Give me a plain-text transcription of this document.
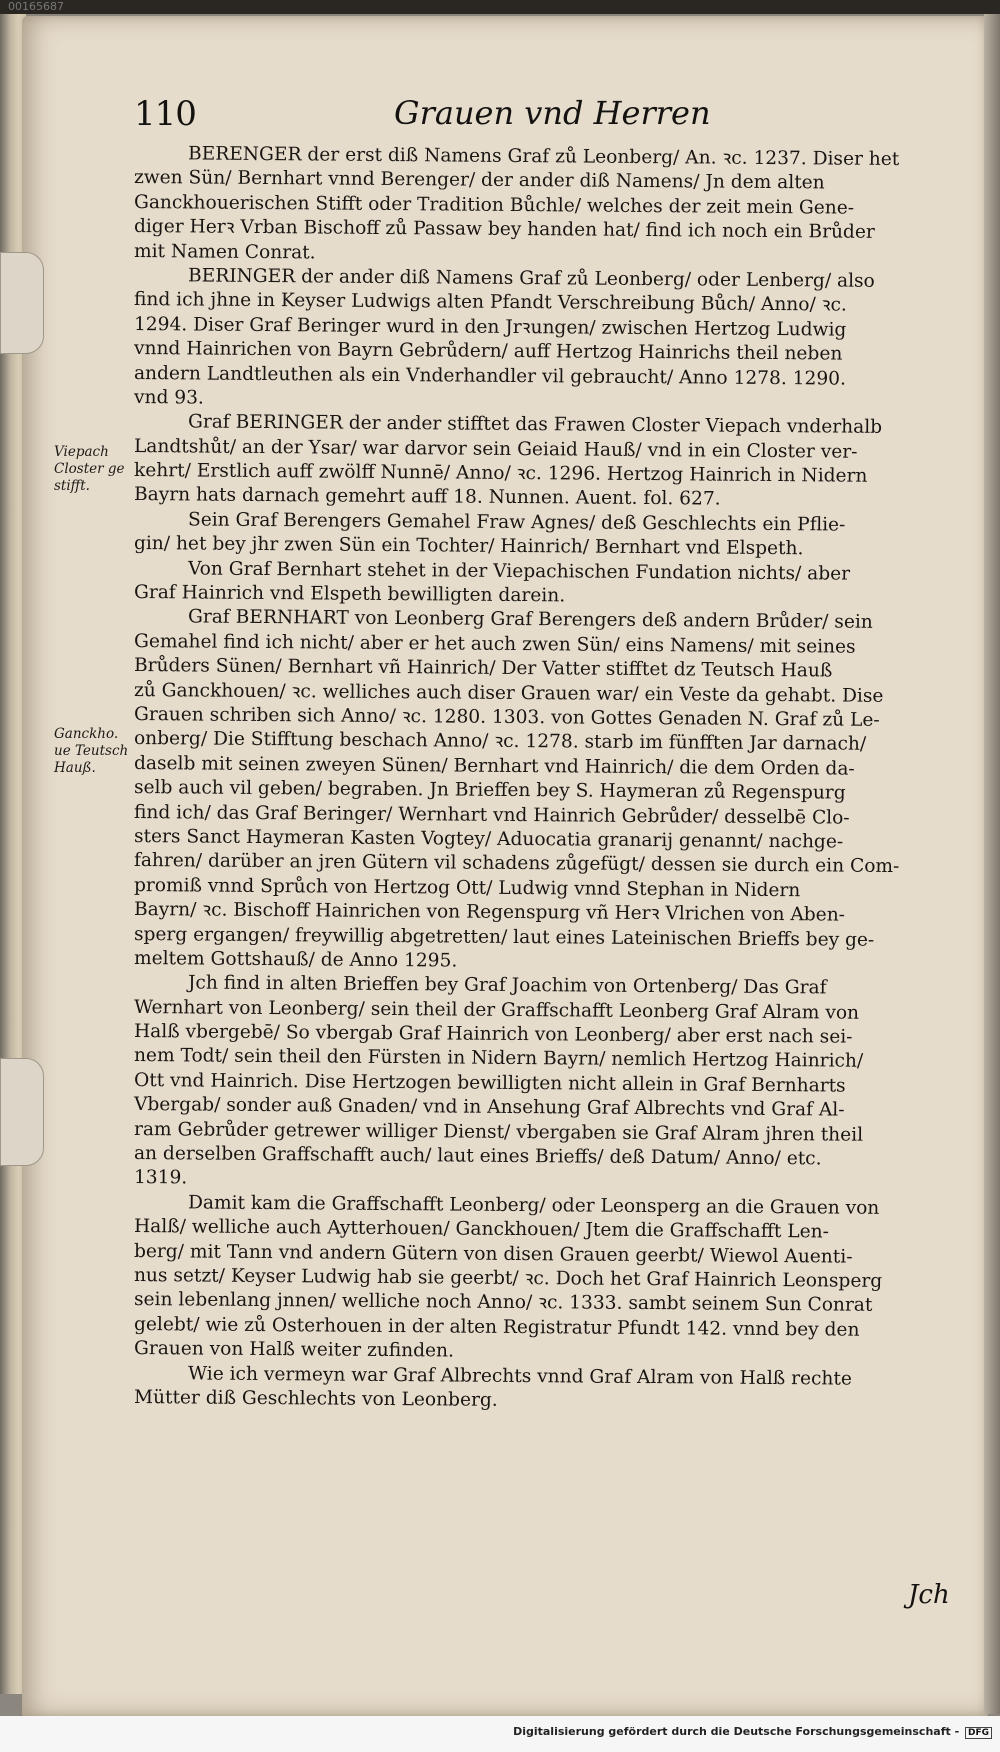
00165687
110	Grauen vnd Herren
Viepach
Closter ge
stifft.
Ganckho.
ue Teutsch
Hauß.
BERENGER der erst diß Namens Graf zů Leonberg/ An. ꝛc. 1237. Diser het
zwen Sün/ Bernhart vnnd Berenger/ der ander diß Namens/ Jn dem alten
Ganckhouerischen Stifft oder Tradition Bůchle/ welches der zeit mein Gene-
diger Herꝛ Vrban Bischoff zů Passaw bey handen hat/ find ich noch ein Brůder
mit Namen Conrat.
BERINGER der ander diß Namens Graf zů Leonberg/ oder Lenberg/ also
find ich jhne in Keyser Ludwigs alten Pfandt Verschreibung Bůch/ Anno/ ꝛc.
1294. Diser Graf Beringer wurd in den Jrꝛungen/ zwischen Hertzog Ludwig
vnnd Hainrichen von Bayrn Gebrůdern/ auff Hertzog Hainrichs theil neben
andern Landtleuthen als ein Vnderhandler vil gebraucht/ Anno 1278. 1290.
vnd 93.
Graf BERINGER der ander stifftet das Frawen Closter Viepach vnderhalb
Landtshůt/ an der Ysar/ war darvor sein Geiaid Hauß/ vnd in ein Closter ver-
kehrt/ Erstlich auff zwölff Nunnē/ Anno/ ꝛc. 1296. Hertzog Hainrich in Nidern
Bayrn hats darnach gemehrt auff 18. Nunnen. Auent. fol. 627.
Sein Graf Berengers Gemahel Fraw Agnes/ deß Geschlechts ein Pflie-
gin/ het bey jhr zwen Sün ein Tochter/ Hainrich/ Bernhart vnd Elspeth.
Von Graf Bernhart stehet in der Viepachischen Fundation nichts/ aber
Graf Hainrich vnd Elspeth bewilligten darein.
Graf BERNHART von Leonberg Graf Berengers deß andern Brůder/ sein
Gemahel find ich nicht/ aber er het auch zwen Sün/ eins Namens/ mit seines
Brůders Sünen/ Bernhart vñ Hainrich/ Der Vatter stifftet dz Teutsch Hauß
zů Ganckhouen/ ꝛc. welliches auch diser Grauen war/ ein Veste da gehabt. Dise
Grauen schriben sich Anno/ ꝛc. 1280. 1303. von Gottes Genaden N. Graf zů Le-
onberg/ Die Stifftung beschach Anno/ ꝛc. 1278. starb im fünfften Jar darnach/
daselb mit seinen zweyen Sünen/ Bernhart vnd Hainrich/ die dem Orden da-
selb auch vil geben/ begraben. Jn Brieffen bey S. Haymeran zů Regenspurg
find ich/ das Graf Beringer/ Wernhart vnd Hainrich Gebrůder/ desselbē Clo-
sters Sanct Haymeran Kasten Vogtey/ Aduocatia granarij genannt/ nachge-
fahren/ darüber an jren Gütern vil schadens zůgefügt/ dessen sie durch ein Com-
promiß vnnd Sprůch von Hertzog Ott/ Ludwig vnnd Stephan in Nidern
Bayrn/ ꝛc. Bischoff Hainrichen von Regenspurg vñ Herꝛ Vlrichen von Aben-
sperg ergangen/ freywillig abgetretten/ laut eines Lateinischen Brieffs bey ge-
meltem Gottshauß/ de Anno 1295.
Jch find in alten Brieffen bey Graf Joachim von Ortenberg/ Das Graf
Wernhart von Leonberg/ sein theil der Graffschafft Leonberg Graf Alram von
Halß vbergebē/ So vbergab Graf Hainrich von Leonberg/ aber erst nach sei-
nem Todt/ sein theil den Fürsten in Nidern Bayrn/ nemlich Hertzog Hainrich/
Ott vnd Hainrich. Dise Hertzogen bewilligten nicht allein in Graf Bernharts
Vbergab/ sonder auß Gnaden/ vnd in Ansehung Graf Albrechts vnd Graf Al-
ram Gebrůder getrewer williger Dienst/ vbergaben sie Graf Alram jhren theil
an derselben Graffschafft auch/ laut eines Brieffs/ deß Datum/ Anno/ etc.
1319.
Damit kam die Graffschafft Leonberg/ oder Leonsperg an die Grauen von
Halß/ welliche auch Aytterhouen/ Ganckhouen/ Jtem die Graffschafft Len-
berg/ mit Tann vnd andern Gütern von disen Grauen geerbt/ Wiewol Auenti-
nus setzt/ Keyser Ludwig hab sie geerbt/ ꝛc. Doch het Graf Hainrich Leonsperg
sein lebenlang jnnen/ welliche noch Anno/ ꝛc. 1333. sambt seinem Sun Conrat
gelebt/ wie zů Osterhouen in der alten Registratur Pfundt 142. vnnd bey den
Grauen von Halß weiter zufinden.
Wie ich vermeyn war Graf Albrechts vnnd Graf Alram von Halß rechte
Mütter diß Geschlechts von Leonberg.
Jch
Digitalisierung gefördert durch die Deutsche Forschungsgemeinschaft - DFG
